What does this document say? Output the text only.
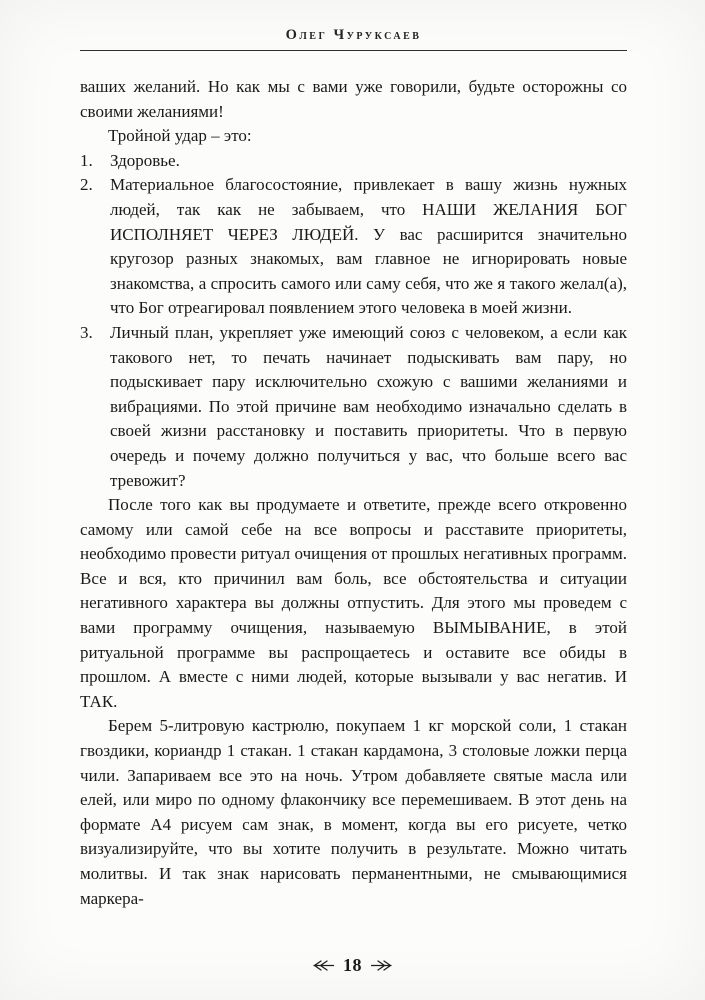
Олег Чуруксаев

ваших желаний. Но как мы с вами уже говорили, будьте осторожны со своими желаниями!

Тройной удар – это:

1. Здоровье.
2. Материальное благосостояние, привлекает в вашу жизнь нужных людей, так как не забываем, что НАШИ ЖЕЛАНИЯ БОГ ИСПОЛНЯЕТ ЧЕРЕЗ ЛЮДЕЙ. У вас расширится значительно кругозор разных знакомых, вам главное не игнорировать новые знакомства, а спросить самого или саму себя, что же я такого желал(а), что Бог отреагировал появлением этого человека в моей жизни.
3. Личный план, укрепляет уже имеющий союз с человеком, а если как такового нет, то печать начинает подыскивать вам пару, но подыскивает пару исключительно схожую с вашими желаниями и вибрациями. По этой причине вам необходимо изначально сделать в своей жизни расстановку и поставить приоритеты. Что в первую очередь и почему должно получиться у вас, что больше всего вас тревожит?

После того как вы продумаете и ответите, прежде всего откровенно самому или самой себе на все вопросы и расставите приоритеты, необходимо провести ритуал очищения от прошлых негативных программ. Все и вся, кто причинил вам боль, все обстоятельства и ситуации негативного характера вы должны отпустить. Для этого мы проведем с вами программу очищения, называемую ВЫМЫВАНИЕ, в этой ритуальной программе вы распрощаетесь и оставите все обиды в прошлом. А вместе с ними людей, которые вызывали у вас негатив. И ТАК.

Берем 5-литровую кастрюлю, покупаем 1 кг морской соли, 1 стакан гвоздики, кориандр 1 стакан. 1 стакан кардамона, 3 столовые ложки перца чили. Запариваем все это на ночь. Утром добавляете святые масла или елей, или миро по одному флакончику все перемешиваем. В этот день на формате А4 рисуем сам знак, в момент, когда вы его рисуете, четко визуализируйте, что вы хотите получить в результате. Можно читать молитвы. И так знак нарисовать перманентными, не смывающимися маркера-

18
